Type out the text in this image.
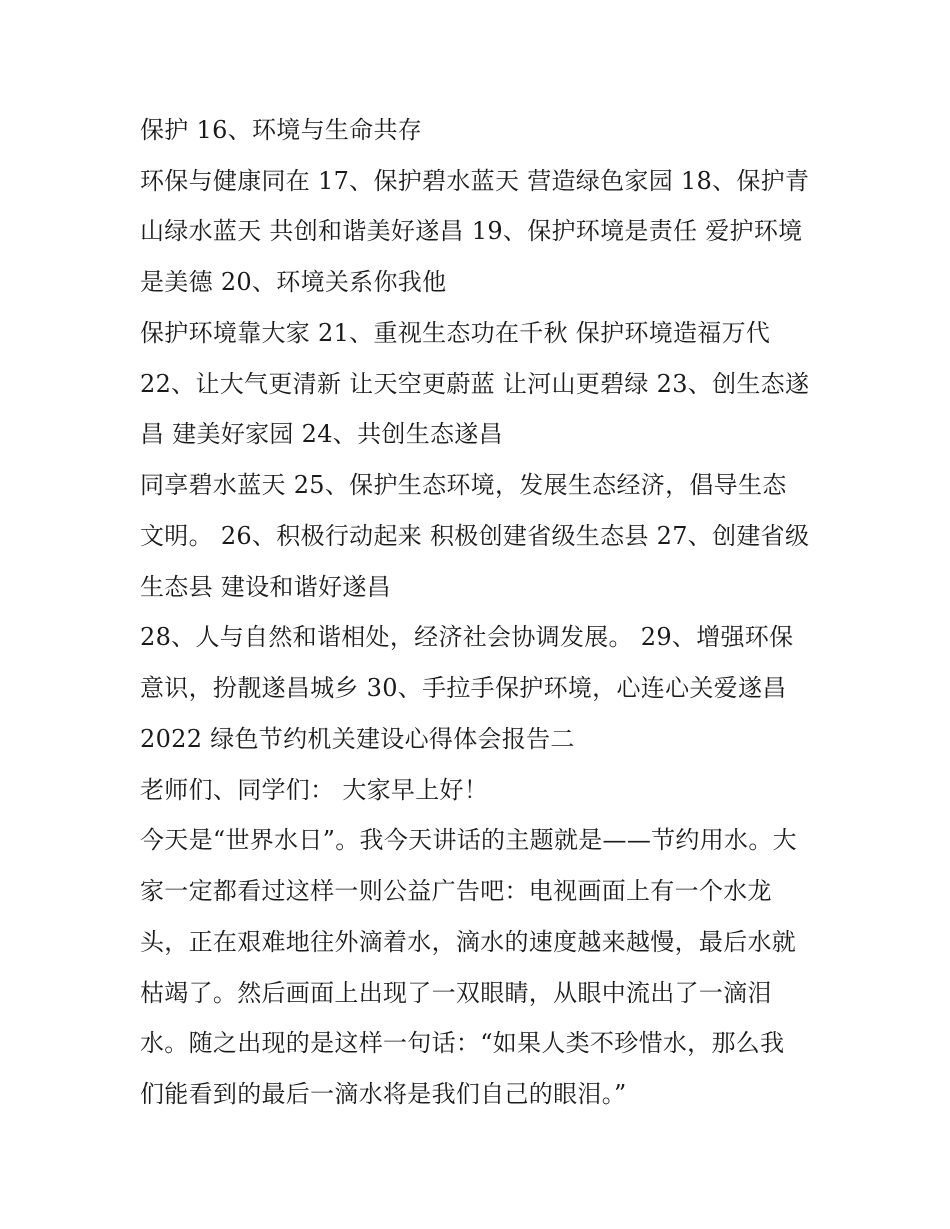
保护 16、环境与生命共存
环保与健康同在 17、保护碧水蓝天 营造绿色家园 18、保护青
山绿水蓝天 共创和谐美好遂昌 19、保护环境是责任 爱护环境
是美德 20、环境关系你我他
保护环境靠大家 21、重视生态功在千秋 保护环境造福万代
22、让大气更清新 让天空更蔚蓝 让河山更碧绿 23、创生态遂
昌 建美好家园 24、共创生态遂昌
同享碧水蓝天 25、保护生态环境，发展生态经济，倡导生态
文明。 26、积极行动起来 积极创建省级生态县 27、创建省级
生态县 建设和谐好遂昌
28、人与自然和谐相处，经济社会协调发展。 29、增强环保
意识，扮靓遂昌城乡 30、手拉手保护环境，心连心关爱遂昌
2022 绿色节约机关建设心得体会报告二
老师们、同学们： 大家早上好！
今天是“世界水日”。我今天讲话的主题就是——节约用水。大
家一定都看过这样一则公益广告吧：电视画面上有一个水龙
头，正在艰难地往外滴着水，滴水的速度越来越慢，最后水就
枯竭了。然后画面上出现了一双眼睛，从眼中流出了一滴泪
水。随之出现的是这样一句话：“如果人类不珍惜水，那么我
们能看到的最后一滴水将是我们自己的眼泪。”
